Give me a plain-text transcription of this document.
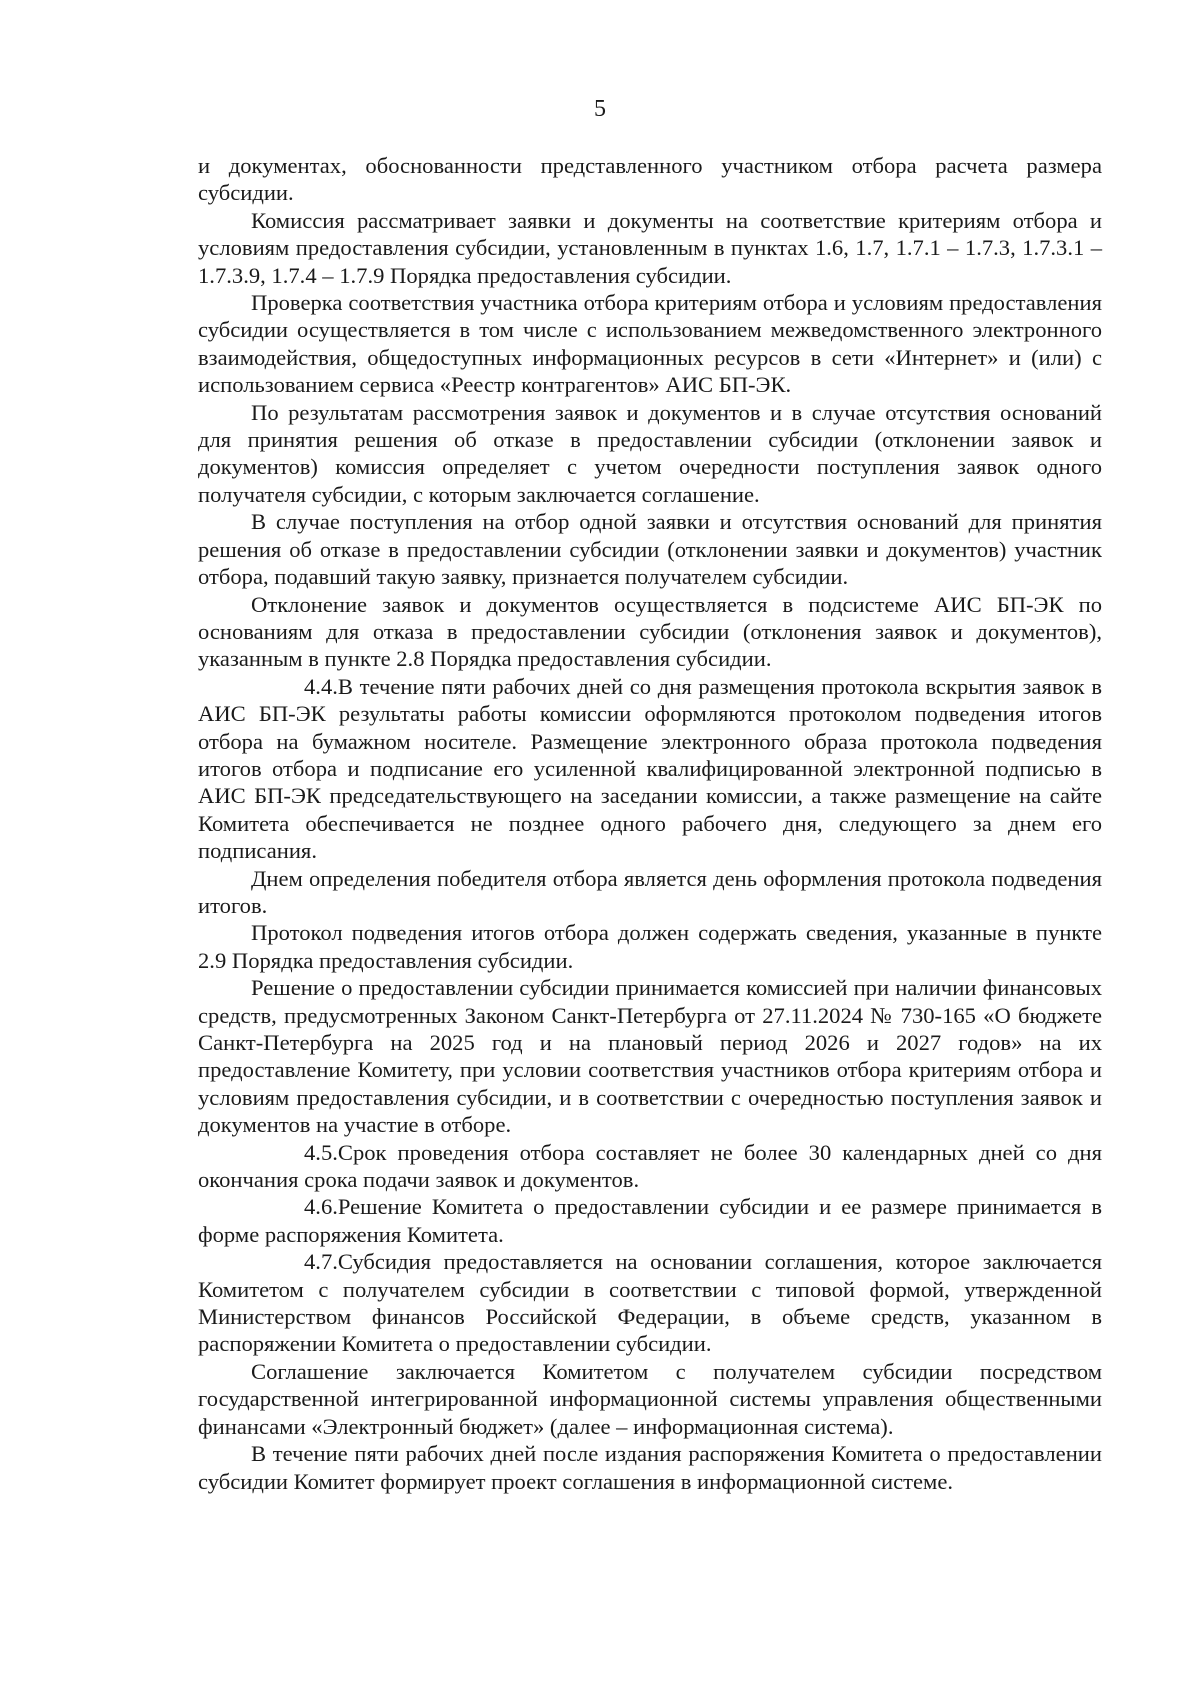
5

и документах, обоснованности представленного участником отбора расчета размера субсидии.

Комиссия рассматривает заявки и документы на соответствие критериям отбора и условиям предоставления субсидии, установленным в пунктах 1.6, 1.7, 1.7.1 – 1.7.3, 1.7.3.1 – 1.7.3.9, 1.7.4 – 1.7.9 Порядка предоставления субсидии.

Проверка соответствия участника отбора критериям отбора и условиям предоставления субсидии осуществляется в том числе с использованием межведомственного электронного взаимодействия, общедоступных информационных ресурсов в сети «Интернет» и (или) с использованием сервиса «Реестр контрагентов» АИС БП-ЭК.

По результатам рассмотрения заявок и документов и в случае отсутствия оснований для принятия решения об отказе в предоставлении субсидии (отклонении заявок и документов) комиссия определяет с учетом очередности поступления заявок одного получателя субсидии, с которым заключается соглашение.

В случае поступления на отбор одной заявки и отсутствия оснований для принятия решения об отказе в предоставлении субсидии (отклонении заявки и документов) участник отбора, подавший такую заявку, признается получателем субсидии.

Отклонение заявок и документов осуществляется в подсистеме АИС БП-ЭК по основаниям для отказа в предоставлении субсидии (отклонения заявок и документов), указанным в пункте 2.8 Порядка предоставления субсидии.

4.4.В течение пяти рабочих дней со дня размещения протокола вскрытия заявок в АИС БП-ЭК результаты работы комиссии оформляются протоколом подведения итогов отбора на бумажном носителе. Размещение электронного образа протокола подведения итогов отбора и подписание его усиленной квалифицированной электронной подписью в АИС БП-ЭК председательствующего на заседании комиссии, а также размещение на сайте Комитета обеспечивается не позднее одного рабочего дня, следующего за днем его подписания.

Днем определения победителя отбора является день оформления протокола подведения итогов.

Протокол подведения итогов отбора должен содержать сведения, указанные в пункте 2.9 Порядка предоставления субсидии.

Решение о предоставлении субсидии принимается комиссией при наличии финансовых средств, предусмотренных Законом Санкт-Петербурга от 27.11.2024 № 730-165 «О бюджете Санкт-Петербурга на 2025 год и на плановый период 2026 и 2027 годов» на их предоставление Комитету, при условии соответствия участников отбора критериям отбора и условиям предоставления субсидии, и в соответствии с очередностью поступления заявок и документов на участие в отборе.

4.5.Срок проведения отбора составляет не более 30 календарных дней со дня окончания срока подачи заявок и документов.

4.6.Решение Комитета о предоставлении субсидии и ее размере принимается в форме распоряжения Комитета.

4.7.Субсидия предоставляется на основании соглашения, которое заключается Комитетом с получателем субсидии в соответствии с типовой формой, утвержденной Министерством финансов Российской Федерации, в объеме средств, указанном в распоряжении Комитета о предоставлении субсидии.

Соглашение заключается Комитетом с получателем субсидии посредством государственной интегрированной информационной системы управления общественными финансами «Электронный бюджет» (далее – информационная система).

В течение пяти рабочих дней после издания распоряжения Комитета о предоставлении субсидии Комитет формирует проект соглашения в информационной системе.
